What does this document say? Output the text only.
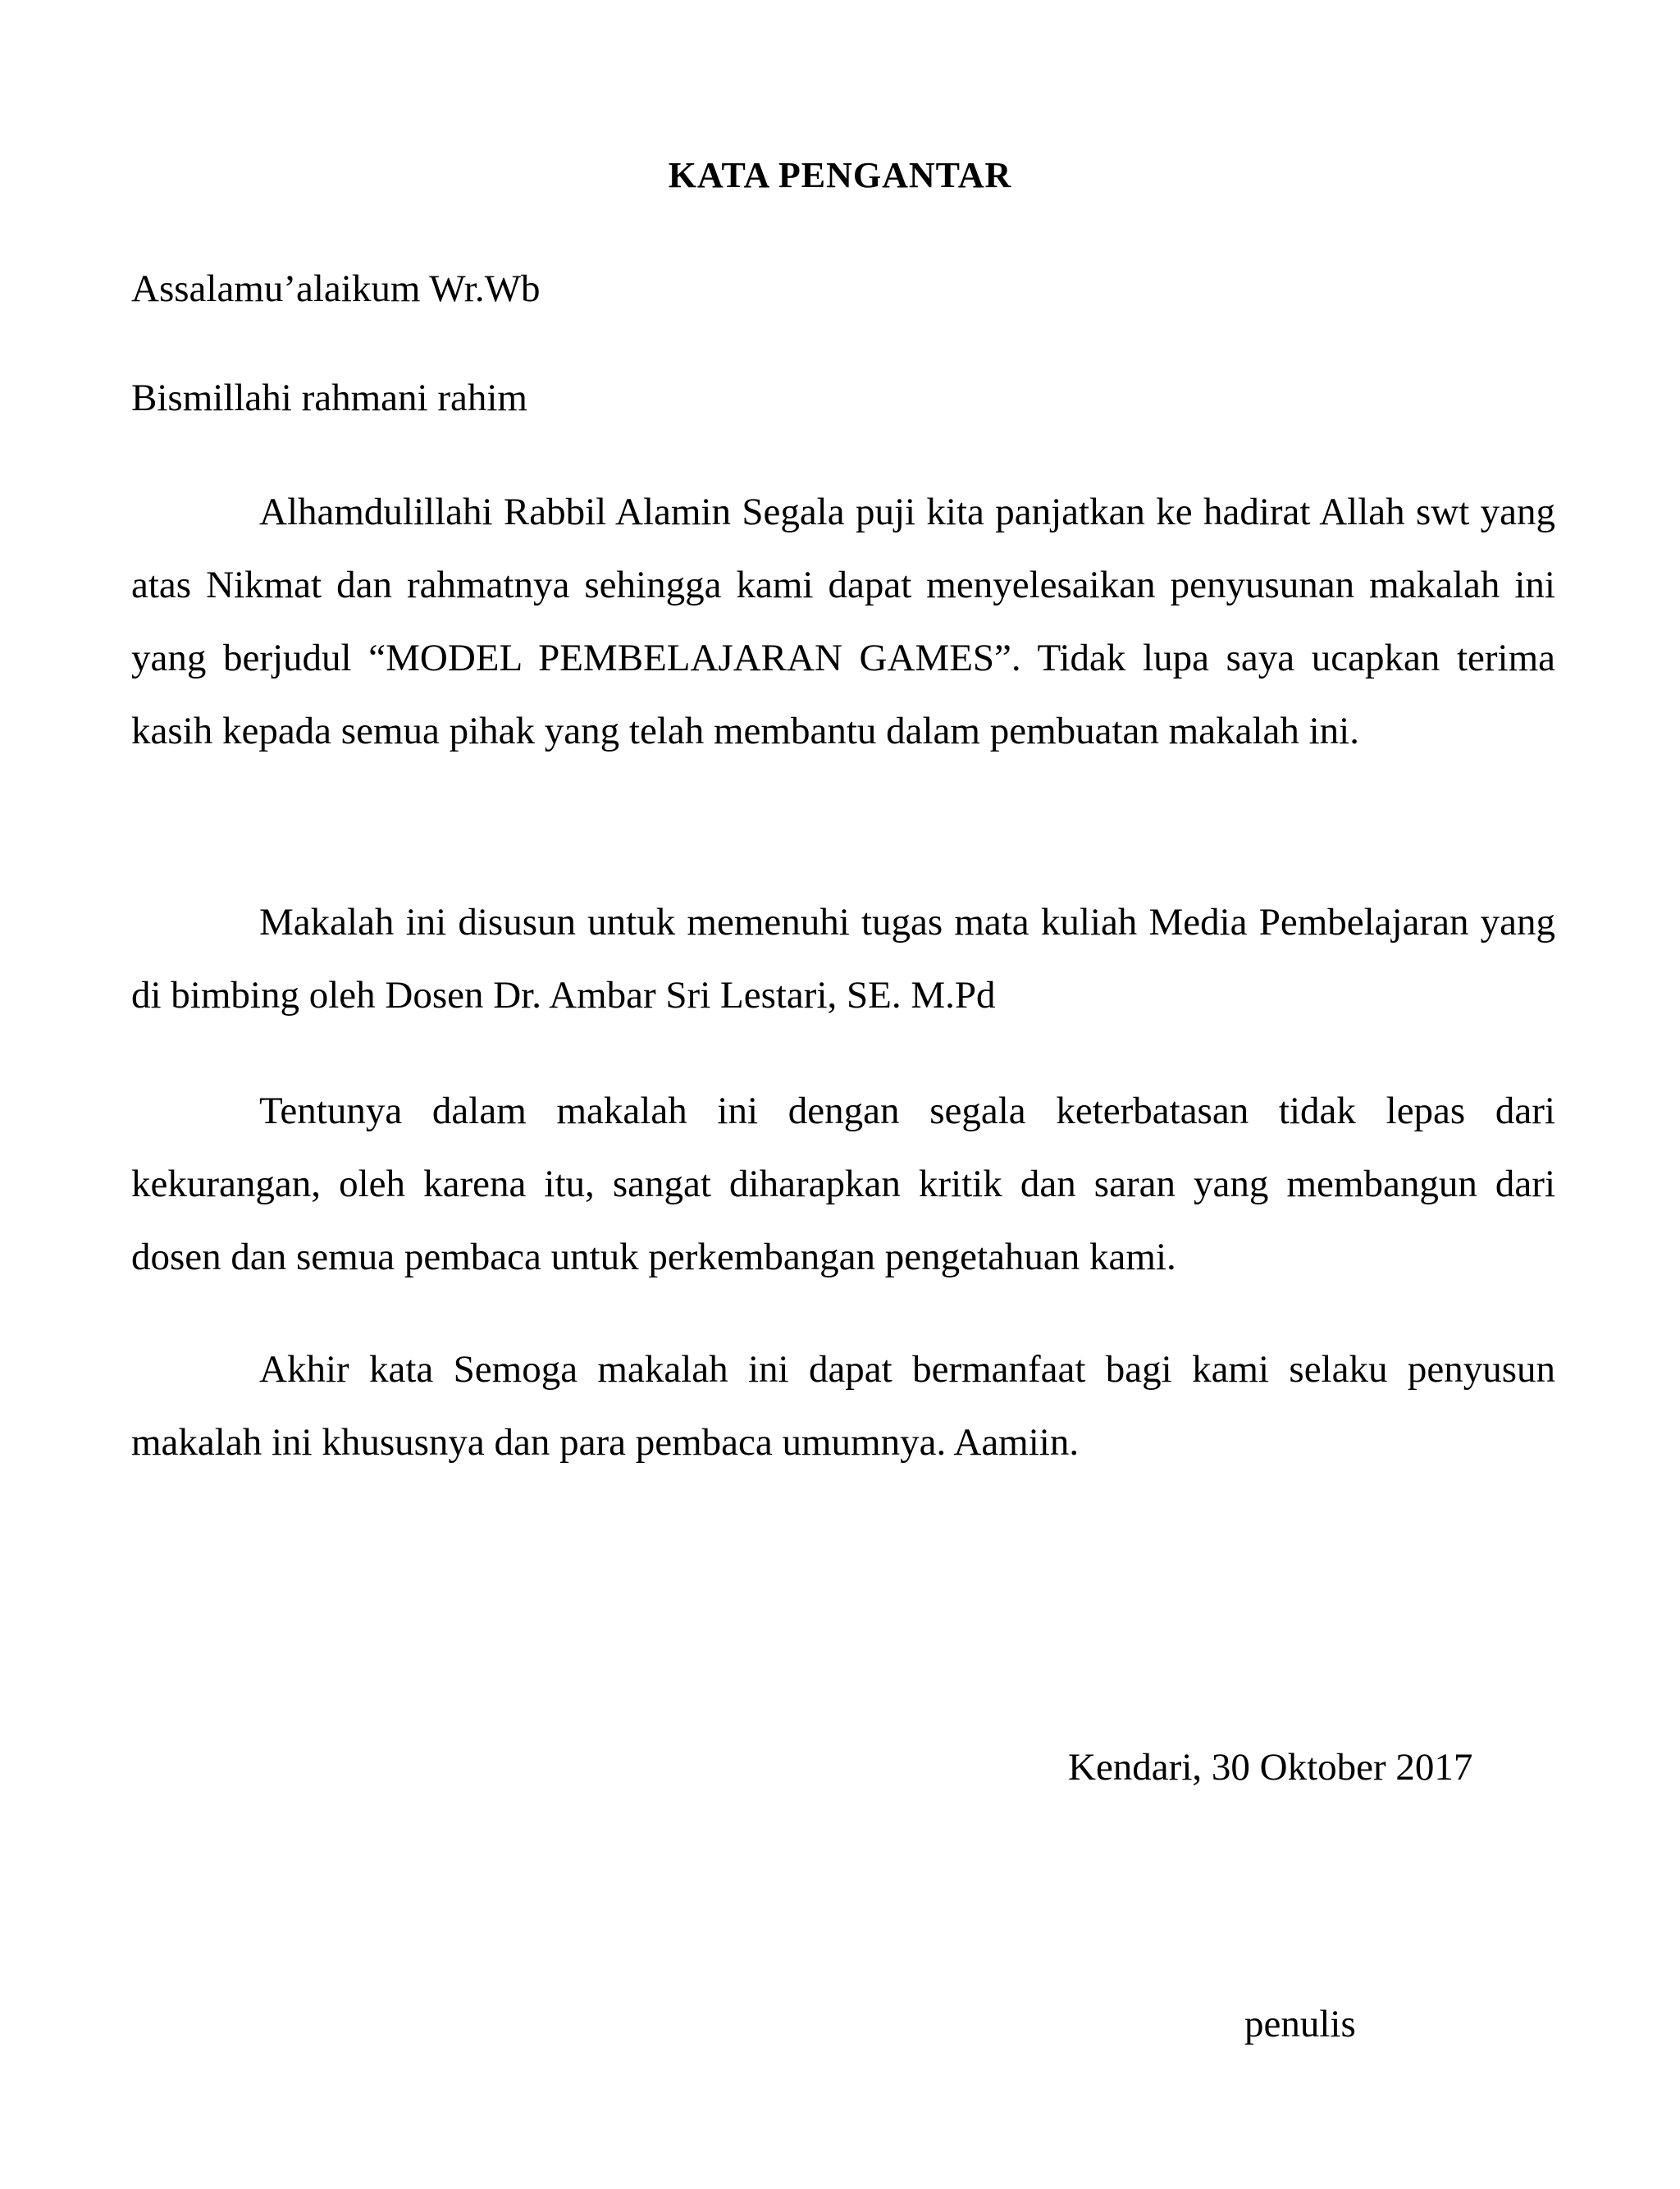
KATA PENGANTAR

Assalamu’alaikum Wr.Wb

Bismillahi rahmani rahim

Alhamdulillahi Rabbil Alamin Segala puji kita panjatkan ke hadirat Allah swt yang atas Nikmat dan rahmatnya sehingga kami dapat menyelesaikan penyusunan makalah ini yang berjudul “MODEL PEMBELAJARAN GAMES”. Tidak lupa saya ucapkan terima kasih kepada semua pihak yang telah membantu dalam pembuatan makalah ini.

Makalah ini disusun untuk memenuhi tugas mata kuliah Media Pembelajaran yang di bimbing oleh Dosen Dr. Ambar Sri Lestari, SE. M.Pd

Tentunya dalam makalah ini dengan segala keterbatasan tidak lepas dari kekurangan, oleh karena itu, sangat diharapkan kritik dan saran yang membangun dari dosen dan semua pembaca untuk perkembangan pengetahuan kami.

Akhir kata Semoga makalah ini dapat bermanfaat bagi kami selaku penyusun makalah ini khususnya dan para pembaca umumnya. Aamiin.

Kendari, 30 Oktober 2017

penulis
